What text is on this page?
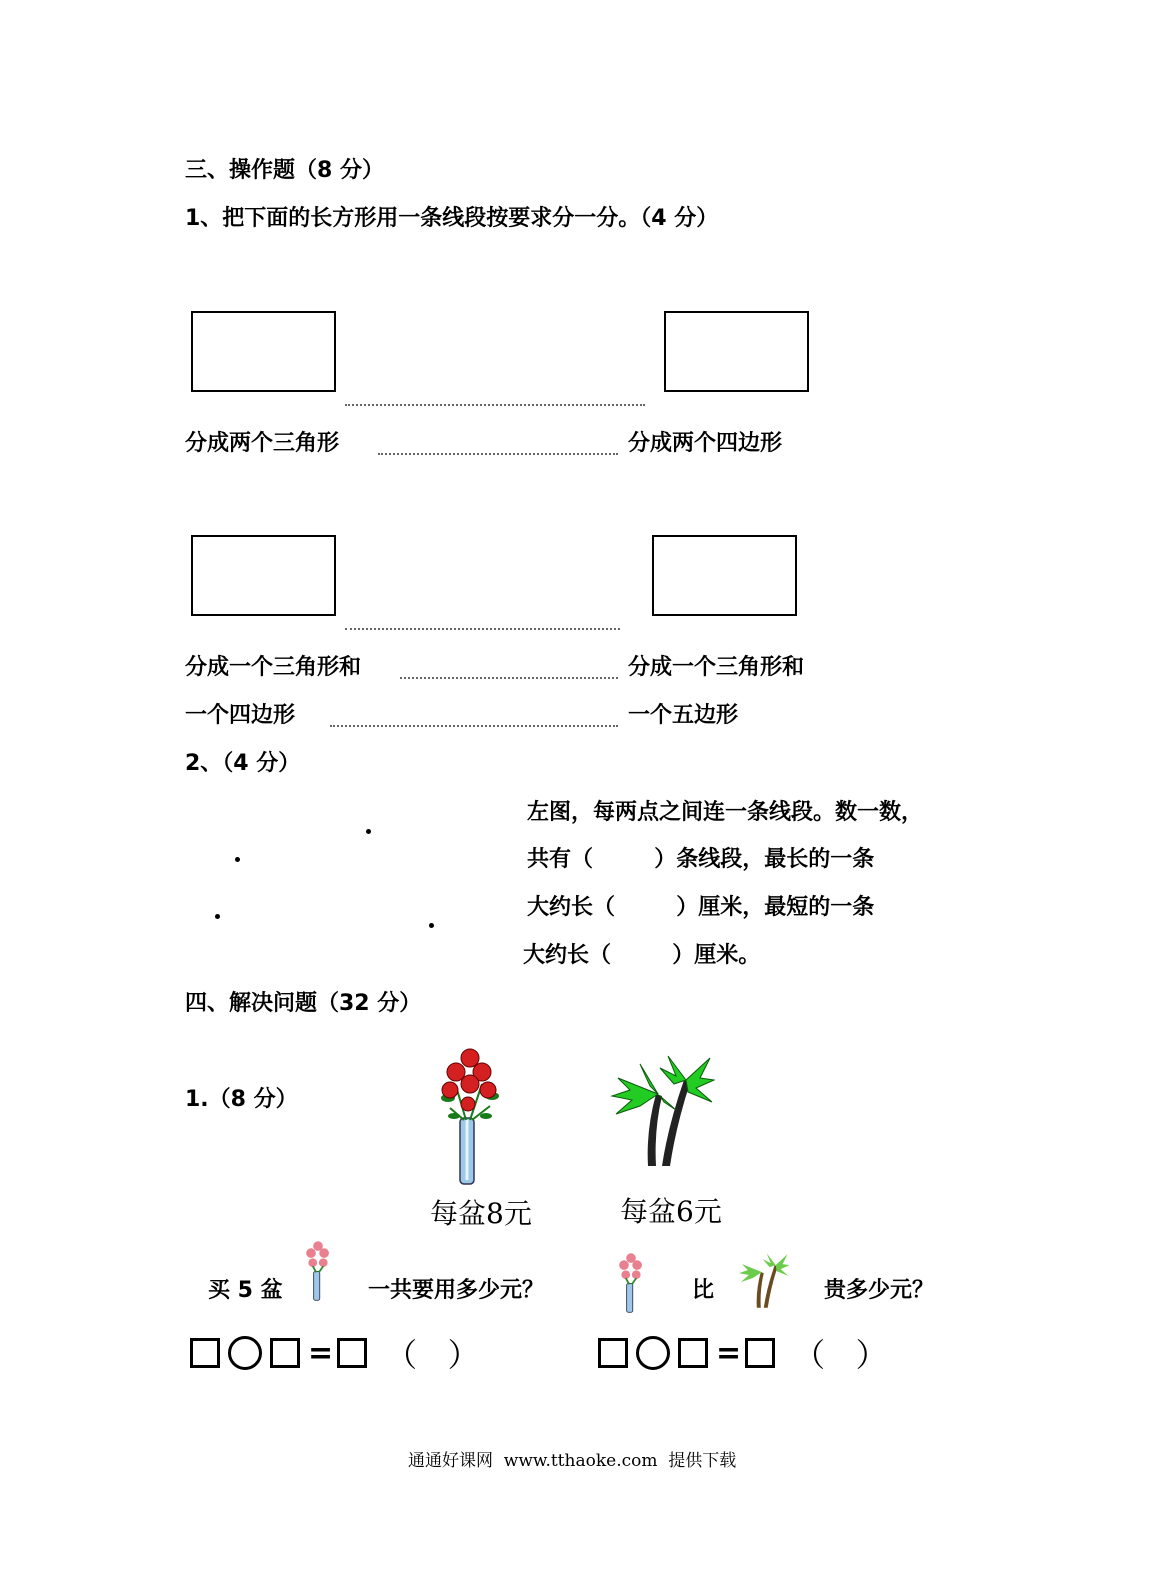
三、操作题（8 分）
1、把下面的长方形用一条线段按要求分一分。（4 分）
分成两个三角形	分成两个四边形
分成一个三角形和	分成一个三角形和
一个四边形	一个五边形
2、（4 分）
左图，每两点之间连一条线段。数一数，
共有（        ）条线段，最长的一条
大约长（        ）厘米，最短的一条
大约长（        ）厘米。
四、解决问题（32 分）
1.（8 分）
每盆8元	每盆6元
买 5 盆	一共要用多少元？	比	贵多少元？
= （   ）	= （   ）
通通好课网  www.tthaoke.com  提供下载
